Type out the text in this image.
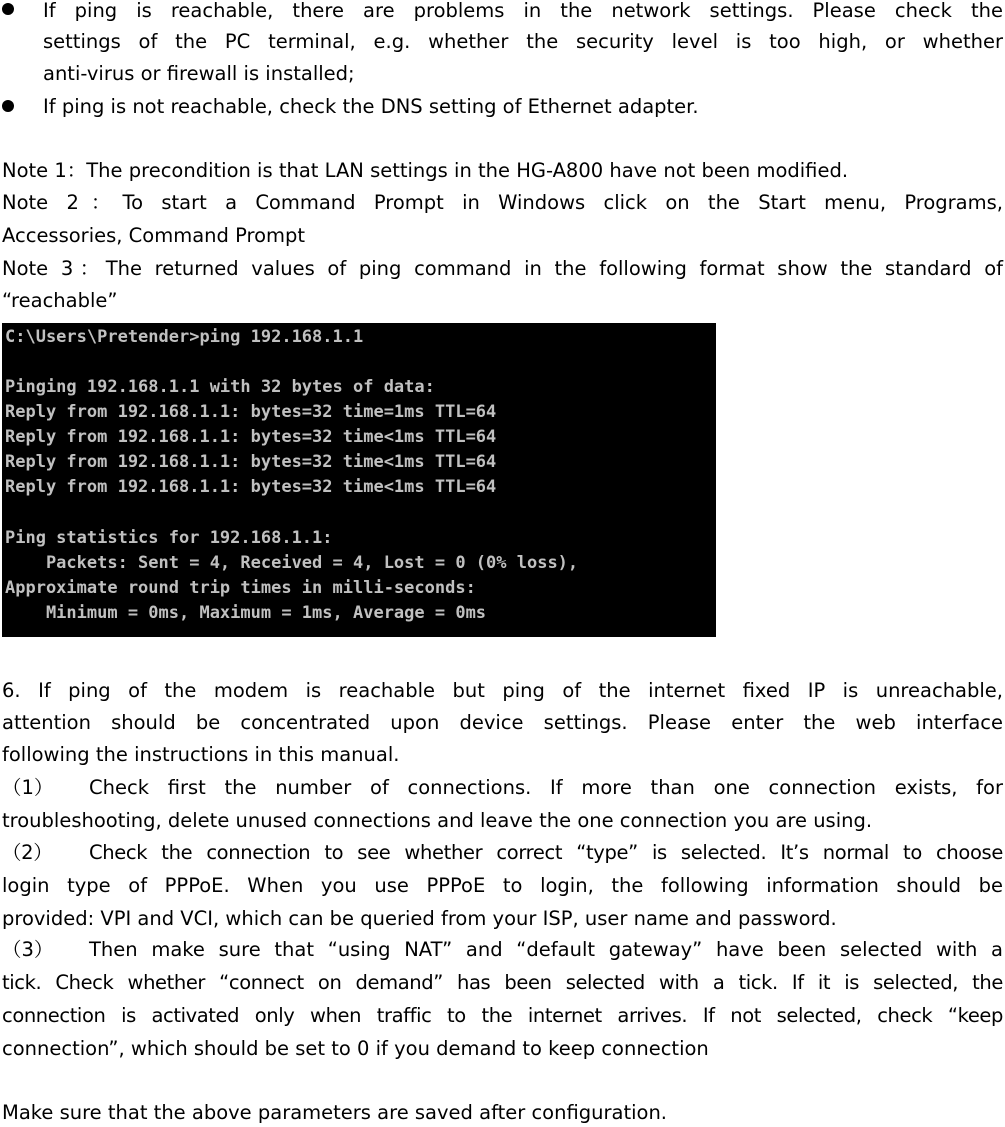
If ping is reachable, there are problems in the network settings. Please check the
settings of the PC terminal, e.g. whether the security level is too high, or whether
anti-virus or firewall is installed;
If ping is not reachable, check the DNS setting of Ethernet adapter.
Note 1：The precondition is that LAN settings in the HG-A800 have not been modified.
Note 2：To start a Command Prompt in Windows click on the Start menu, Programs,
Accessories, Command Prompt
Note 3：The returned values of ping command in the following format show the standard of
“reachable”
C:\Users\Pretender>ping 192.168.1.1
Pinging 192.168.1.1 with 32 bytes of data:
Reply from 192.168.1.1: bytes=32 time=1ms TTL=64
Reply from 192.168.1.1: bytes=32 time<1ms TTL=64
Reply from 192.168.1.1: bytes=32 time<1ms TTL=64
Reply from 192.168.1.1: bytes=32 time<1ms TTL=64
Ping statistics for 192.168.1.1:
Packets: Sent = 4, Received = 4, Lost = 0 (0% loss),
Approximate round trip times in milli-seconds:
Minimum = 0ms, Maximum = 1ms, Average = 0ms
6. If ping of the modem is reachable but ping of the internet fixed IP is unreachable,
attention should be concentrated upon device settings. Please enter the web interface
following the instructions in this manual.
（1）	Check first the number of connections. If more than one connection exists, for
troubleshooting, delete unused connections and leave the one connection you are using.
（2）	Check the connection to see whether correct “type” is selected. It’s normal to choose
login type of PPPoE. When you use PPPoE to login, the following information should be
provided: VPI and VCI, which can be queried from your ISP, user name and password.
（3）	Then make sure that “using NAT” and “default gateway” have been selected with a
tick. Check whether “connect on demand” has been selected with a tick. If it is selected, the
connection is activated only when traffic to the internet arrives. If not selected, check “keep
connection”, which should be set to 0 if you demand to keep connection
Make sure that the above parameters are saved after configuration.
